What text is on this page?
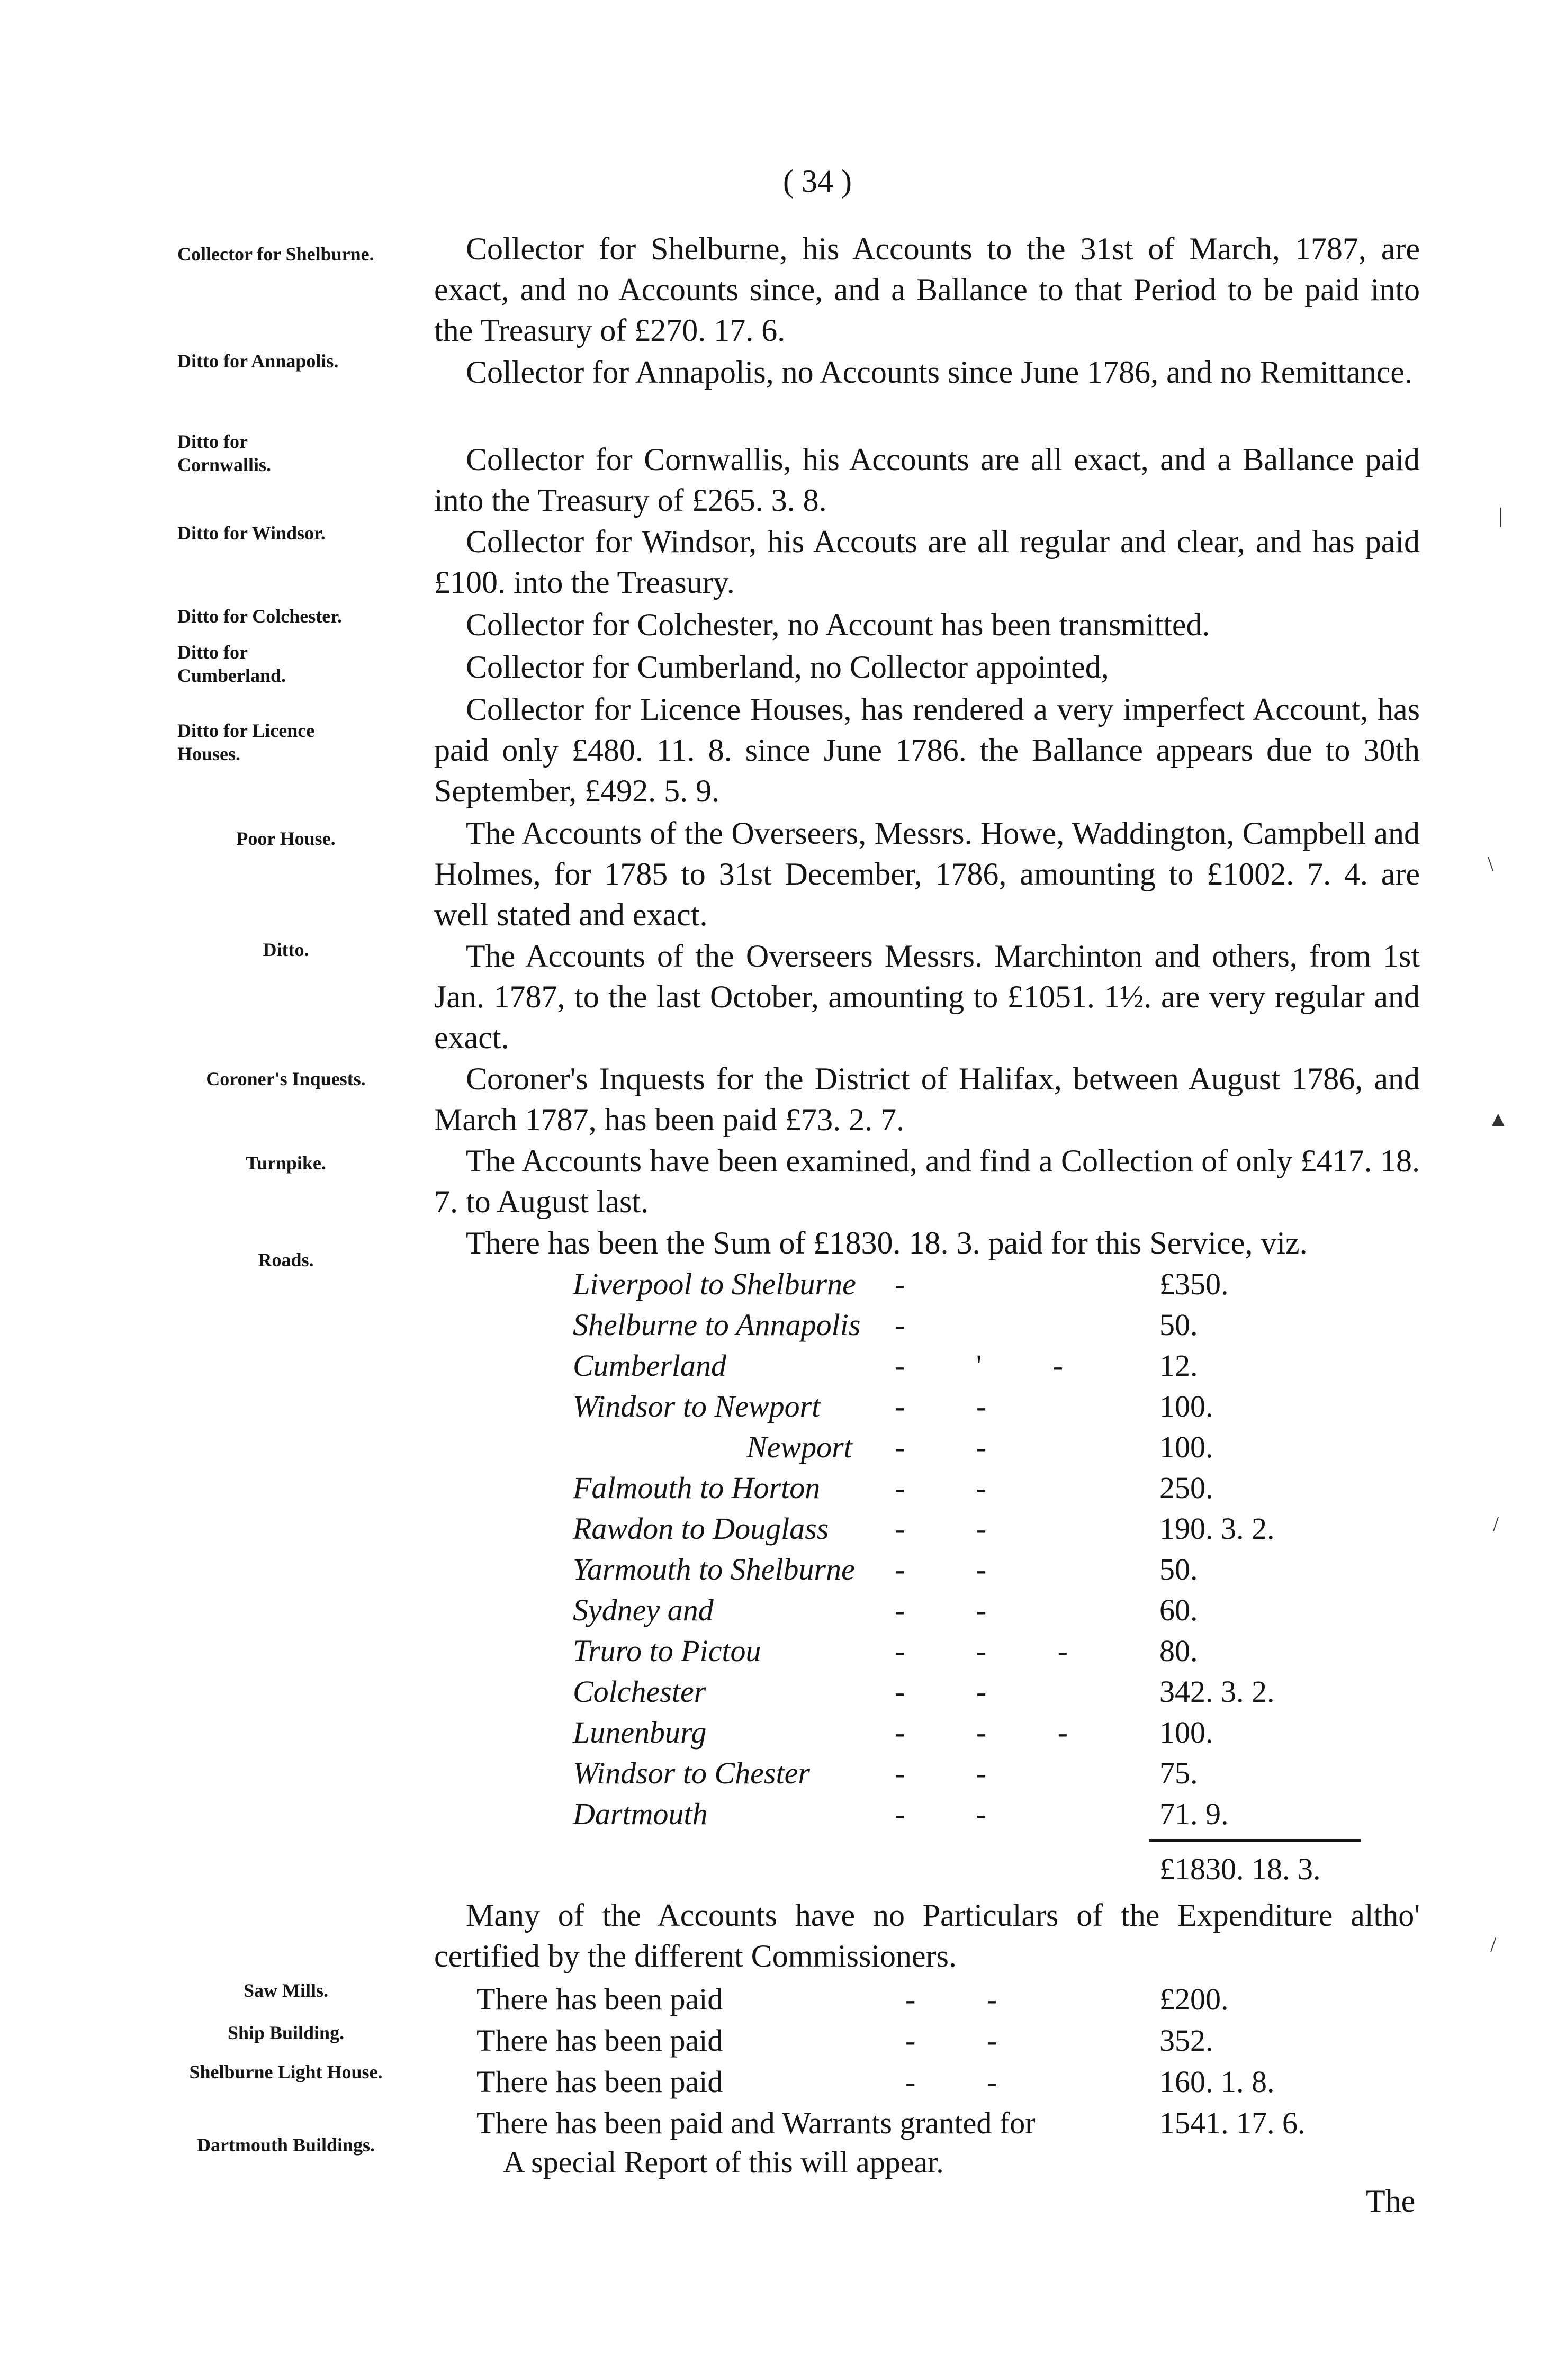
( 34 )
Collector for Shelburne.
Ditto for Annapolis.
Ditto for Cornwallis.
Ditto for Windsor.
Ditto for Colchester.
Ditto for Cumberland.
Ditto for Licence Houses.
Poor House.
Ditto.
Coroner's Inquests.
Turnpike.
Roads.
Saw Mills.
Ship Building.
Shelburne Light House.
Dartmouth Buildings.

Collector for Shelburne, his Accounts to the 31st of March, 1787, are exact, and no Accounts since, and a Ballance to that Period to be paid into the Treasury of £270. 17. 6.

Collector for Annapolis, no Accounts since June 1786, and no Remittance.

Collector for Cornwallis, his Accounts are all exact, and a Ballance paid into the Treasury of £265. 3. 8.

Collector for Windsor, his Accouts are all regular and clear, and has paid £100. into the Treasury.

Collector for Colchester, no Account has been transmitted.

Collector for Cumberland, no Collector appointed,

Collector for Licence Houses, has rendered a very imperfect Account, has paid only £480. 11. 8. since June 1786. the Ballance appears due to 30th September, £492. 5. 9.

The Accounts of the Overseers, Messrs. Howe, Waddington, Campbell and Holmes, for 1785 to 31st December, 1786, amounting to £1002. 7. 4. are well stated and exact.

The Accounts of the Overseers Messrs. Marchinton and others, from 1st Jan. 1787, to the last October, amounting to £1051. 1½. are very regular and exact.

Coroner's Inquests for the District of Halifax, between August 1786, and March 1787, has been paid £73. 2. 7.

The Accounts have been examined, and find a Collection of only £417. 18. 7. to August last.

There has been the Sum of £1830. 18. 3. paid for this Service, viz.

Liverpool to Shelburne -	£350.
Shelburne to Annapolis -	50.
Cumberland	- ' -	12.
Windsor to Newport - -	100.
Newport - -	100.
Falmouth to Horton - -	250.
Rawdon to Douglass - -	190. 3. 2.
Yarmouth to Shelburne - -	50.
Sydney and	- -	60.
Truro to Pictou	- - -	80.
Colchester	- -	342. 3. 2.
Lunenburg	- - -	100.
Windsor to Chester	- -	75.
Dartmouth	- -	71. 9.
£1830. 18. 3.

Many of the Accounts have no Particulars of the Expenditure altho' certified by the different Commissioners.

There has been paid	- -	£200.
There has been paid	- -	352.
There has been paid	- -	160. 1. 8.
There has been paid and Warrants granted for	1541. 17. 6.
A special Report of this will appear.
The
|
\
▲
/
/
